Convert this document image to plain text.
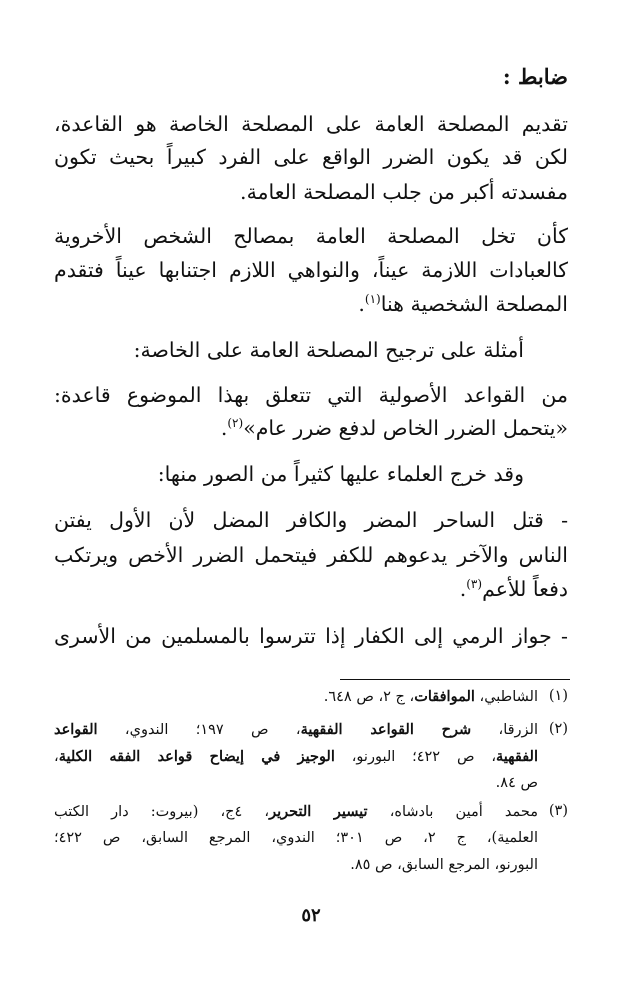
ضابط :

تقديم المصلحة العامة على المصلحة الخاصة هو القاعدة،

لكن قد يكون الضرر الواقع على الفرد كبيراً بحيث تكون

مفسدته أكبر من جلب المصلحة العامة.

كأن تخل المصلحة العامة بمصالح الشخص الأخروية

كالعبادات اللازمة عيناً، والنواهي اللازم اجتنابها عيناً فتقدم

المصلحة الشخصية هنا$^{(١)}$.

أمثلة على ترجيح المصلحة العامة على الخاصة:

من القواعد الأصولية التي تتعلق بهذا الموضوع قاعدة:

«يتحمل الضرر الخاص لدفع ضرر عام»$^{(٢)}$.

وقد خرج العلماء عليها كثيراً من الصور منها:

- قتل الساحر المضر والكافر المضل لأن الأول يفتن

الناس والآخر يدعوهم للكفر فيتحمل الضرر الأخص ويرتكب

دفعاً للأعم$^{(٣)}$.

- جواز الرمي إلى الكفار إذا تترسوا بالمسلمين من الأسرى

(١)
الشاطبي، الموافقات، ج ٢، ص ٦٤٨.
(٢)
الزرقا، شرح القواعد الفقهية، ص ١٩٧؛ الندوي، القواعد
الفقهية، ص ٤٢٢؛ البورنو، الوجيز في إيضاح قواعد الفقه الكلية،
ص ٨٤.
(٣)
محمد أمين بادشاه، تيسير التحرير، ٤ج، (بيروت: دار الكتب
العلمية)، ج ٢، ص ٣٠١؛ الندوي، المرجع السابق، ص ٤٢٢؛
البورنو، المرجع السابق، ص ٨٥.
٥٢
